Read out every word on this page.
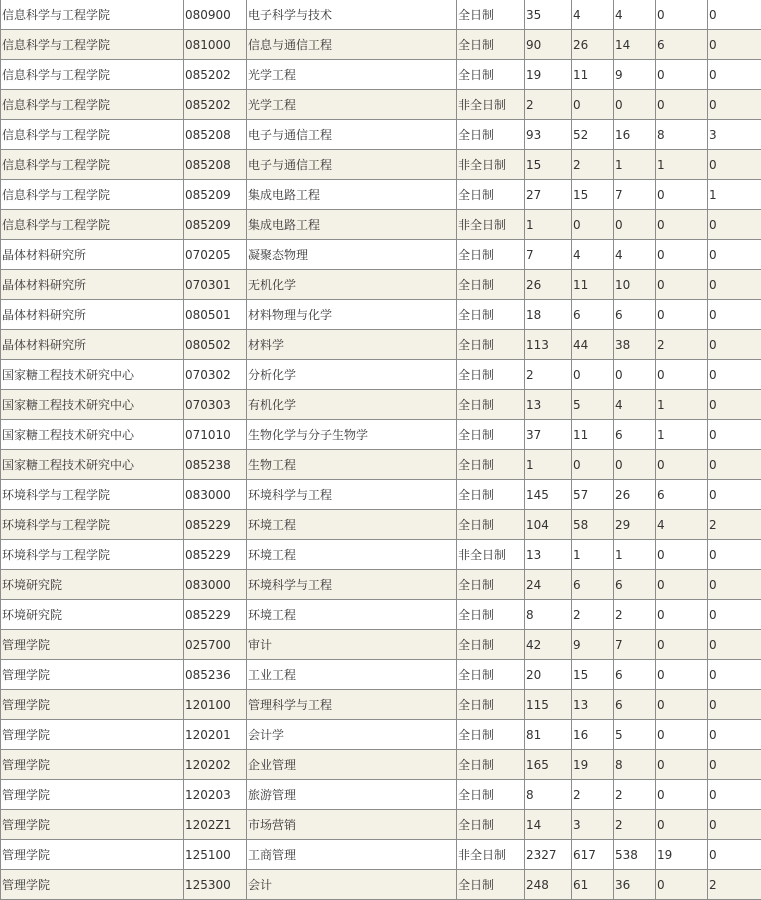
信息科学与工程学院	080900	电子科学与技术	全日制	35	4	4	0	0
信息科学与工程学院	081000	信息与通信工程	全日制	90	26	14	6	0
信息科学与工程学院	085202	光学工程	全日制	19	11	9	0	0
信息科学与工程学院	085202	光学工程	非全日制	2	0	0	0	0
信息科学与工程学院	085208	电子与通信工程	全日制	93	52	16	8	3
信息科学与工程学院	085208	电子与通信工程	非全日制	15	2	1	1	0
信息科学与工程学院	085209	集成电路工程	全日制	27	15	7	0	1
信息科学与工程学院	085209	集成电路工程	非全日制	1	0	0	0	0
晶体材料研究所	070205	凝聚态物理	全日制	7	4	4	0	0
晶体材料研究所	070301	无机化学	全日制	26	11	10	0	0
晶体材料研究所	080501	材料物理与化学	全日制	18	6	6	0	0
晶体材料研究所	080502	材料学	全日制	113	44	38	2	0
国家糖工程技术研究中心	070302	分析化学	全日制	2	0	0	0	0
国家糖工程技术研究中心	070303	有机化学	全日制	13	5	4	1	0
国家糖工程技术研究中心	071010	生物化学与分子生物学	全日制	37	11	6	1	0
国家糖工程技术研究中心	085238	生物工程	全日制	1	0	0	0	0
环境科学与工程学院	083000	环境科学与工程	全日制	145	57	26	6	0
环境科学与工程学院	085229	环境工程	全日制	104	58	29	4	2
环境科学与工程学院	085229	环境工程	非全日制	13	1	1	0	0
环境研究院	083000	环境科学与工程	全日制	24	6	6	0	0
环境研究院	085229	环境工程	全日制	8	2	2	0	0
管理学院	025700	审计	全日制	42	9	7	0	0
管理学院	085236	工业工程	全日制	20	15	6	0	0
管理学院	120100	管理科学与工程	全日制	115	13	6	0	0
管理学院	120201	会计学	全日制	81	16	5	0	0
管理学院	120202	企业管理	全日制	165	19	8	0	0
管理学院	120203	旅游管理	全日制	8	2	2	0	0
管理学院	1202Z1	市场营销	全日制	14	3	2	0	0
管理学院	125100	工商管理	非全日制	2327	617	538	19	0
管理学院	125300	会计	全日制	248	61	36	0	2
